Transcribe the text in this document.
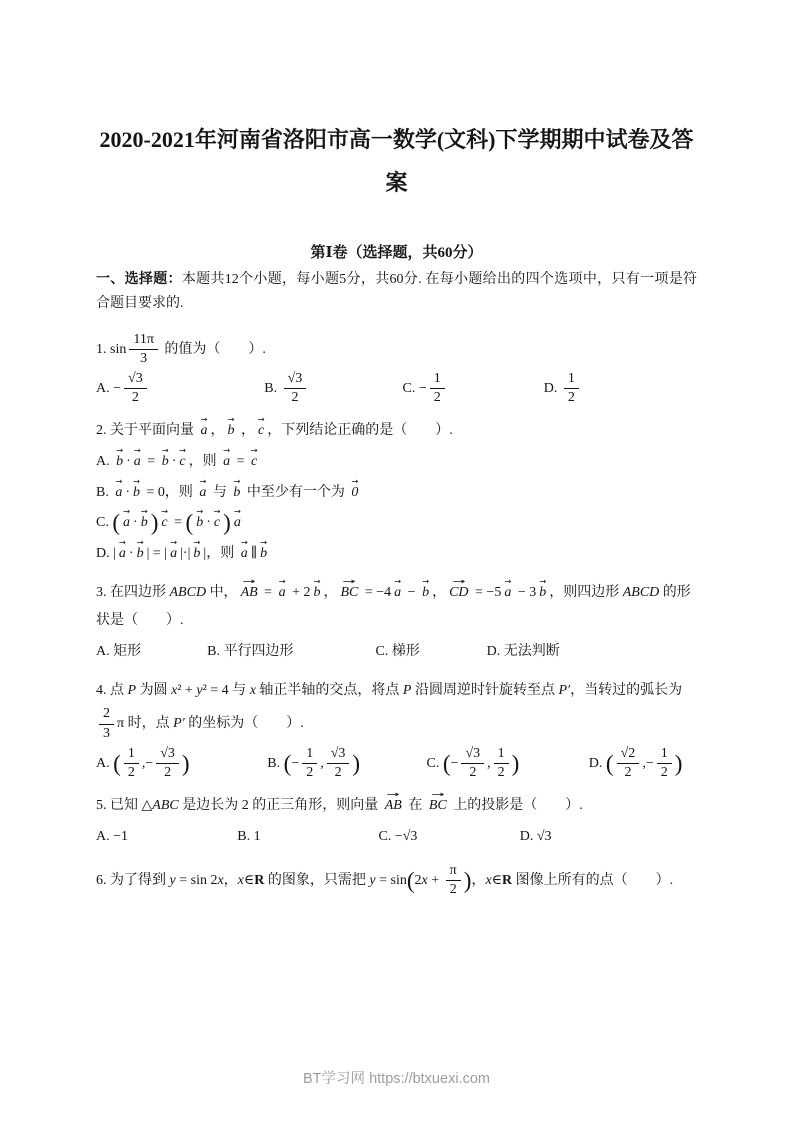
2020-2021年河南省洛阳市高一数学(文科)下学期期中试卷及答案
第Ⅰ卷（选择题，共60分）

一、选择题：本题共12个小题，每小题5分，共60分. 在每小题给出的四个选项中，只有一项是符合题目要求的.

1. $\sin \frac{11\pi}{3}$ 的值为（　　）.
A. − $\frac{√3}{2}$	B. $\frac{√3}{2}$	C. − $\frac{1}{2}$	D. $\frac{1}{2}$
2. 关于平面向量 a → ， b → ， c → ，下列结论正确的是（　　）.
A. b → · a → = b → · c → ，则 a → = c →
B. a → · b → = 0，则 a → 与 b → 中至少有一个为 0 →
C. ( a → · b → ) c → = ( b → · c → ) a →
D. | a → · b → | = | a → |·| b → |，则 a → ∥ b →
3. 在四边形 ABCD 中， AB → = a → + 2 b → ， BC → = −4 a → − b → ， CD → = −5 a → − 3 b → ，则四边形 ABCD 的形状是（　　）.
A. 矩形	B. 平行四边形	C. 梯形	D. 无法判断
4. 点 P 为圆 x² + y² = 4 与 x 轴正半轴的交点，将点 P 沿圆周逆时针旋转至点 P′，当转过的弧长为
$\frac{2}{3}$ π 时，点 P′ 的坐标为（　　）.
A. ( $\frac{1}{2}$ ,− $\frac{√3}{2}$ )	B. (− $\frac{1}{2}$ , $\frac{√3}{2}$ )	C. (− $\frac{√3}{2}$ , $\frac{1}{2}$ )	D. ( $\frac{√2}{2}$ ,− $\frac{1}{2}$ )
5. 已知 △ABC 是边长为 2 的正三角形，则向量 AB → 在 BC → 上的投影是（　　）.
A. −1	B. 1	C. −√3	D. √3
6. 为了得到 y = sin 2x，x∈R 的图象，只需把 $y = \sin(2x + \frac{\pi}{2}$ )，x∈R 图像上所有的点（　　）.
BT学习网 https://btxuexi.com
